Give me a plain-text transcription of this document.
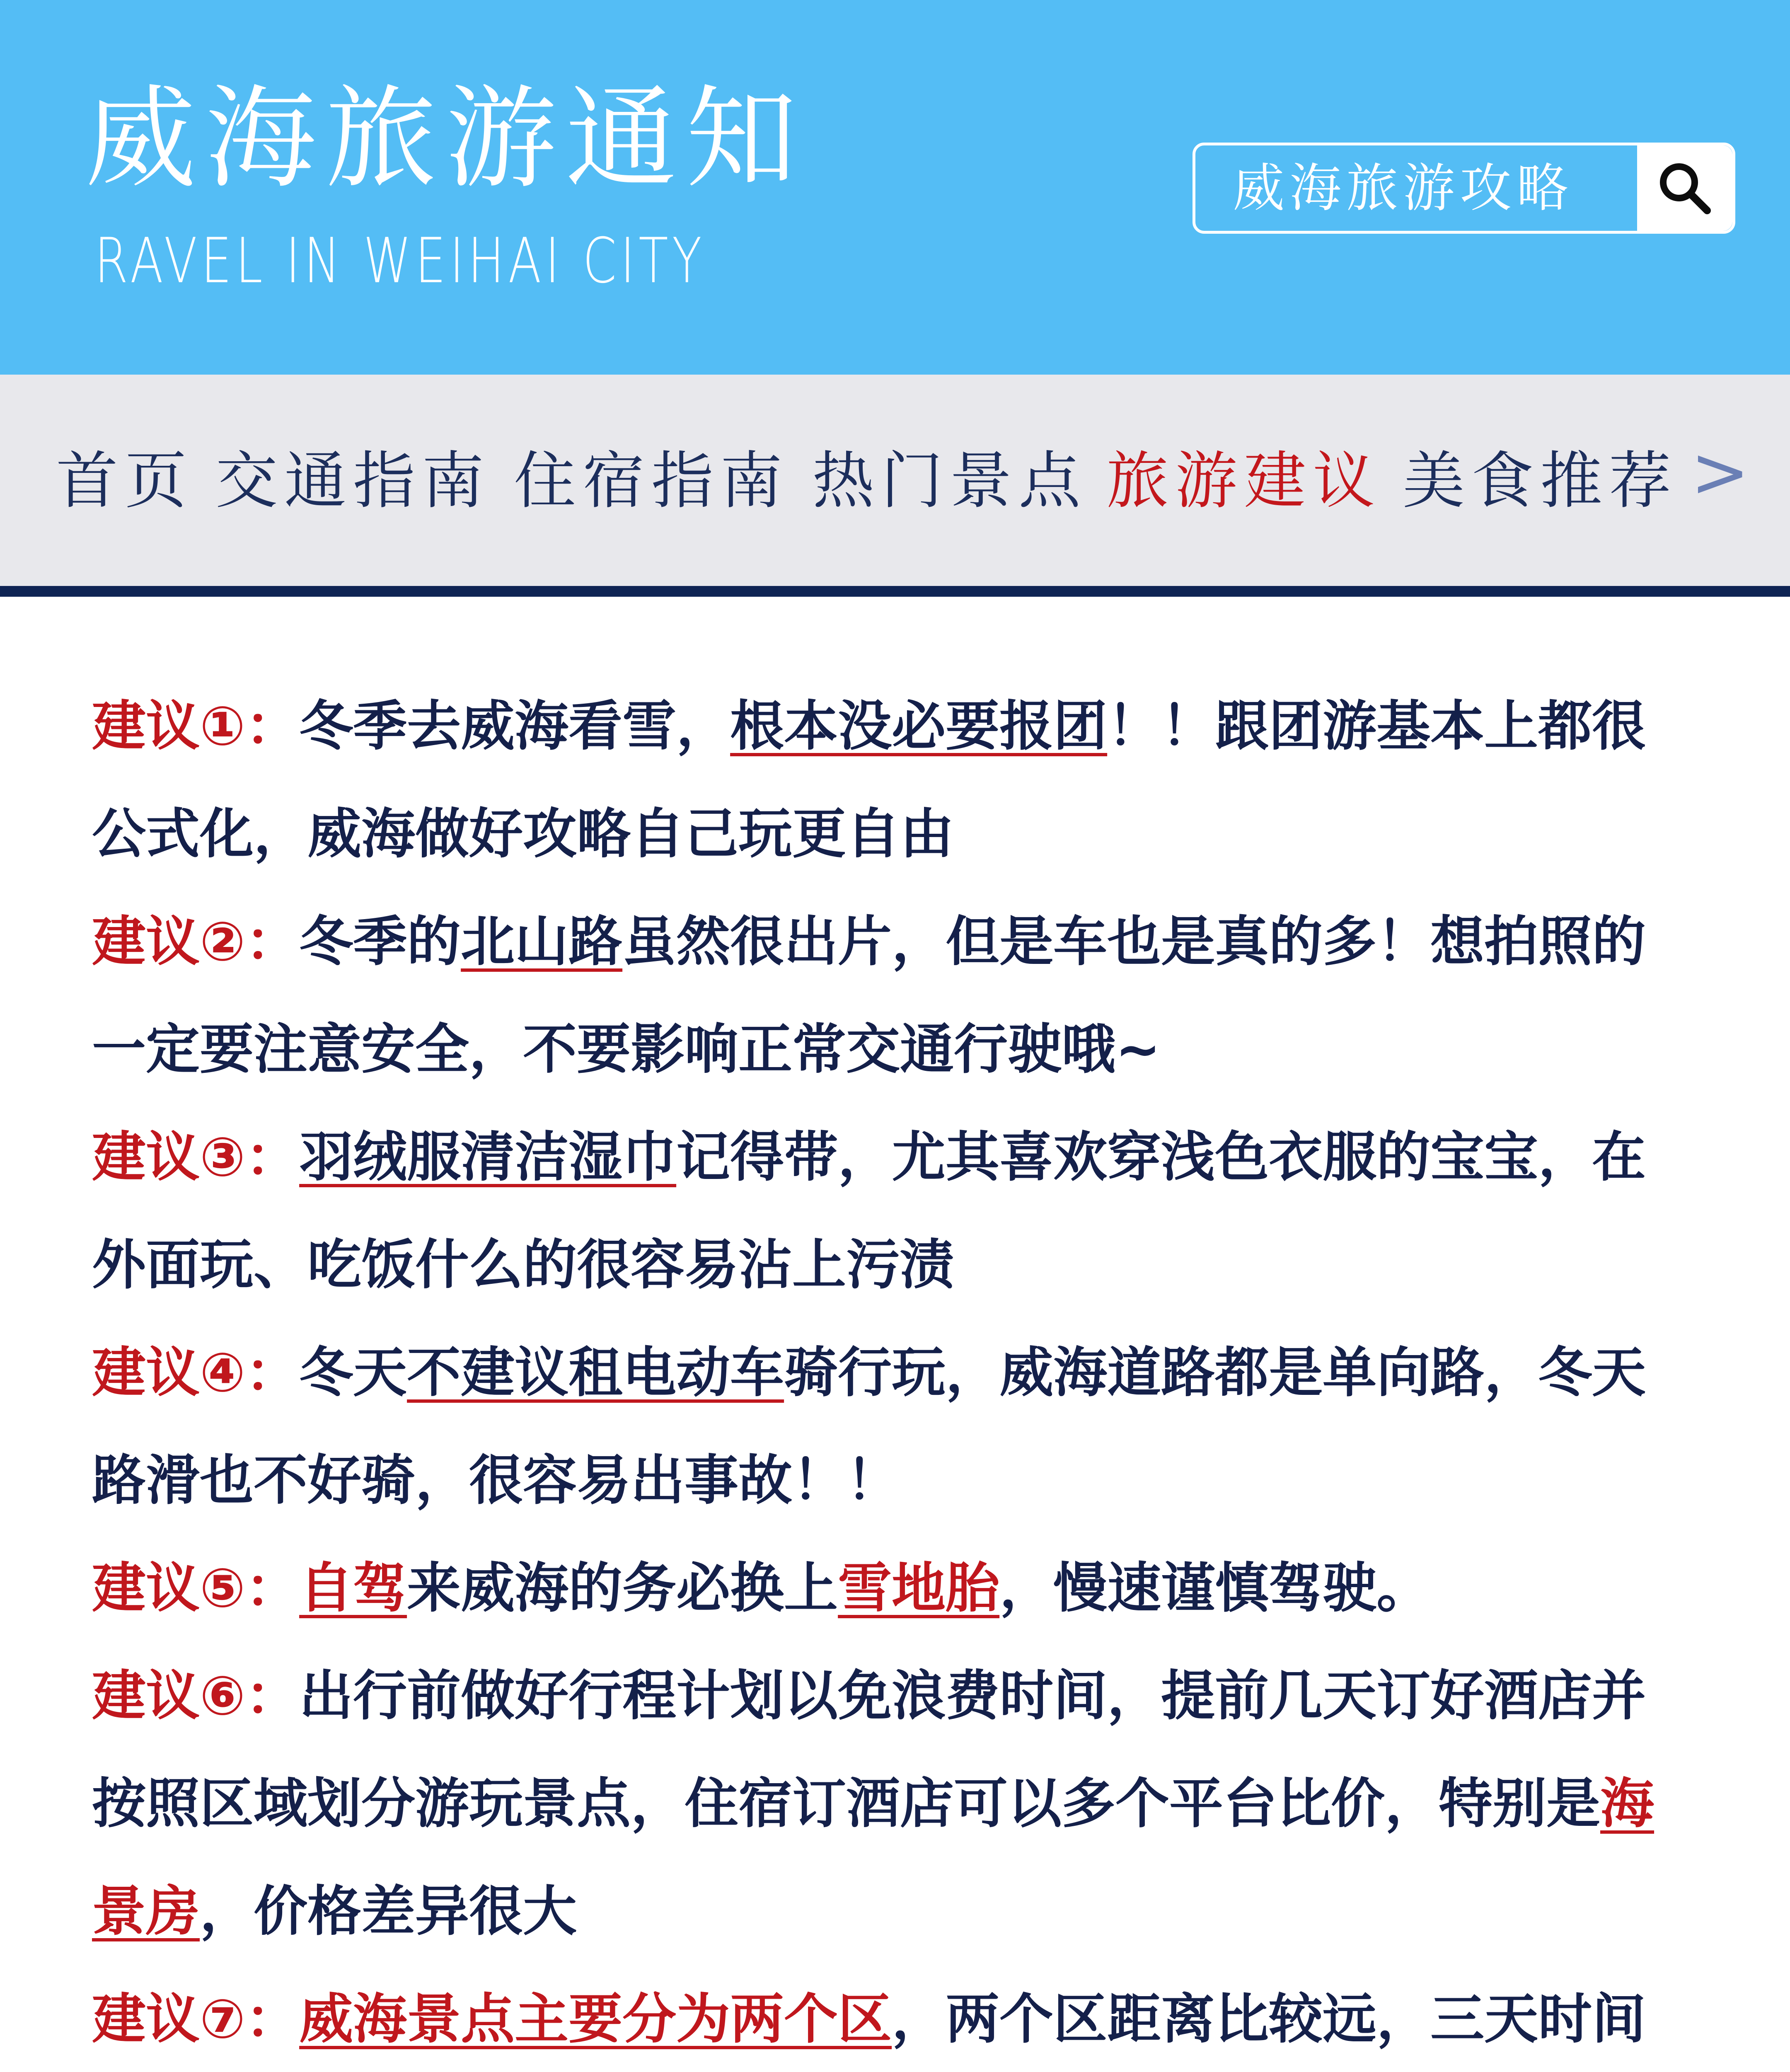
威海旅游通知
RAVEL IN WEIHAI CITY
威海旅游攻略
首页 交通指南 住宿指南 热门景点 旅游建议 美食推荐 >

建议①：冬季去威海看雪，根本没必要报团！！跟团游基本上都很公式化，威海做好攻略自己玩更自由

建议②：冬季的北山路虽然很出片，但是车也是真的多！想拍照的一定要注意安全，不要影响正常交通行驶哦~

建议③：羽绒服清洁湿巾记得带，尤其喜欢穿浅色衣服的宝宝，在外面玩、吃饭什么的很容易沾上污渍

建议④：冬天不建议租电动车骑行玩，威海道路都是单向路，冬天路滑也不好骑，很容易出事故！！

建议⑤：自驾来威海的务必换上雪地胎，慢速谨慎驾驶。

建议⑥：出行前做好行程计划以免浪费时间，提前几天订好酒店并按照区域划分游玩景点，住宿订酒店可以多个平台比价，特别是海景房，价格差异很大

建议⑦：威海景点主要分为两个区，两个区距离比较远，三天时间
